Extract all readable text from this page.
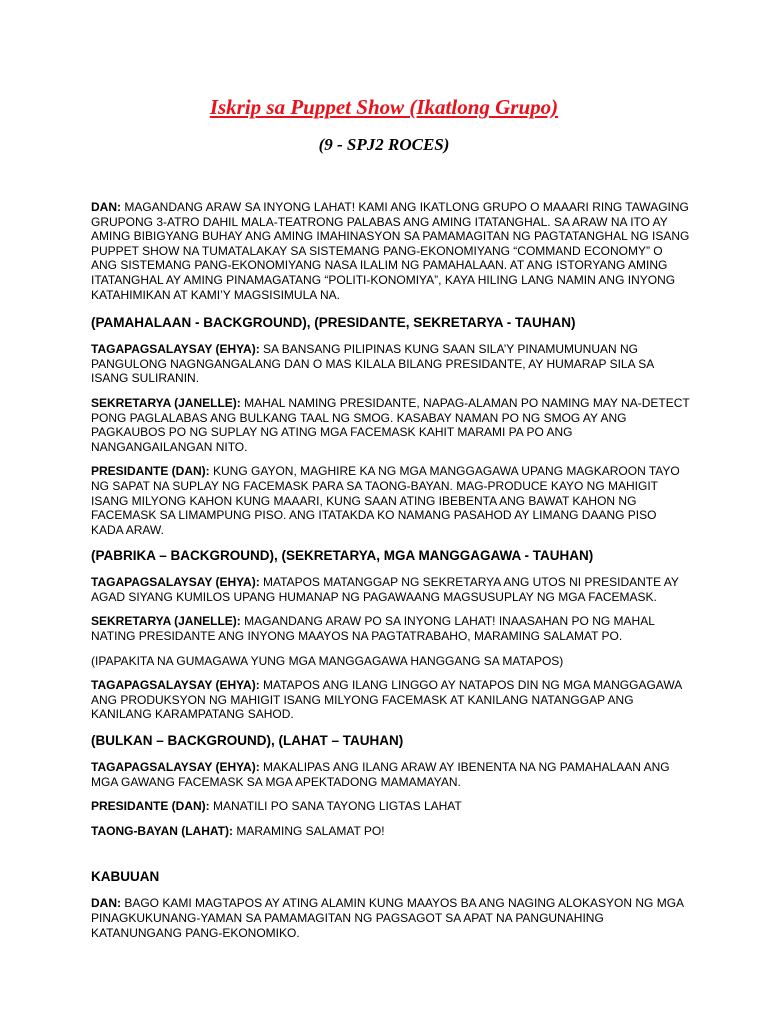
Iskrip sa Puppet Show (Ikatlong Grupo)
(9 - SPJ2 ROCES)

DAN: MAGANDANG ARAW SA INYONG LAHAT! KAMI ANG IKATLONG GRUPO O MAAARI RING TAWAGING GRUPONG 3-ATRO DAHIL MALA-TEATRONG PALABAS ANG AMING ITATANGHAL. SA ARAW NA ITO AY AMING BIBIGYANG BUHAY ANG AMING IMAHINASYON SA PAMAMAGITAN NG PAGTATANGHAL NG ISANG PUPPET SHOW NA TUMATALAKAY SA SISTEMANG PANG-EKONOMIYANG “COMMAND ECONOMY” O ANG SISTEMANG PANG-EKONOMIYANG NASA ILALIM NG PAMAHALAAN. AT ANG ISTORYANG AMING ITATANGHAL AY AMING PINAMAGATANG “POLITI-KONOMIYA”, KAYA HILING LANG NAMIN ANG INYONG KATAHIMIKAN AT KAMI’Y MAGSISIMULA NA.

(PAMAHALAAN - BACKGROUND), (PRESIDANTE, SEKRETARYA - TAUHAN)

TAGAPAGSALAYSAY (EHYA): SA BANSANG PILIPINAS KUNG SAAN SILA’Y PINAMUMUNUAN NG PANGULONG NAGNGANGALANG DAN O MAS KILALA BILANG PRESIDANTE, AY HUMARAP SILA SA ISANG SULIRANIN.

SEKRETARYA (JANELLE): MAHAL NAMING PRESIDANTE, NAPAG-ALAMAN PO NAMING MAY NA-DETECT PONG PAGLALABAS ANG BULKANG TAAL NG SMOG. KASABAY NAMAN PO NG SMOG AY ANG PAGKAUBOS PO NG SUPLAY NG ATING MGA FACEMASK KAHIT MARAMI PA PO ANG NANGANGAILANGAN NITO.

PRESIDANTE (DAN): KUNG GAYON, MAGHIRE KA NG MGA MANGGAGAWA UPANG MAGKAROON TAYO NG SAPAT NA SUPLAY NG FACEMASK PARA SA TAONG-BAYAN. MAG-PRODUCE KAYO NG MAHIGIT ISANG MILYONG KAHON KUNG MAAARI, KUNG SAAN ATING IBEBENTA ANG BAWAT KAHON NG FACEMASK SA LIMAMPUNG PISO. ANG ITATAKDA KO NAMANG PASAHOD AY LIMANG DAANG PISO KADA ARAW.

(PABRIKA – BACKGROUND), (SEKRETARYA, MGA MANGGAGAWA - TAUHAN)

TAGAPAGSALAYSAY (EHYA): MATAPOS MATANGGAP NG SEKRETARYA ANG UTOS NI PRESIDANTE AY AGAD SIYANG KUMILOS UPANG HUMANAP NG PAGAWAANG MAGSUSUPLAY NG MGA FACEMASK.

SEKRETARYA (JANELLE): MAGANDANG ARAW PO SA INYONG LAHAT! INAASAHAN PO NG MAHAL NATING PRESIDANTE ANG INYONG MAAYOS NA PAGTATRABAHO, MARAMING SALAMAT PO.

(IPAPAKITA NA GUMAGAWA YUNG MGA MANGGAGAWA HANGGANG SA MATAPOS)

TAGAPAGSALAYSAY (EHYA): MATAPOS ANG ILANG LINGGO AY NATAPOS DIN NG MGA MANGGAGAWA ANG PRODUKSYON NG MAHIGIT ISANG MILYONG FACEMASK AT KANILANG NATANGGAP ANG KANILANG KARAMPATANG SAHOD.

(BULKAN – BACKGROUND), (LAHAT – TAUHAN)

TAGAPAGSALAYSAY (EHYA): MAKALIPAS ANG ILANG ARAW AY IBENENTA NA NG PAMAHALAAN ANG MGA GAWANG FACEMASK SA MGA APEKTADONG MAMAMAYAN.

PRESIDANTE (DAN): MANATILI PO SANA TAYONG LIGTAS LAHAT

TAONG-BAYAN (LAHAT): MARAMING SALAMAT PO!

KABUUAN

DAN: BAGO KAMI MAGTAPOS AY ATING ALAMIN KUNG MAAYOS BA ANG NAGING ALOKASYON NG MGA PINAGKUKUNANG-YAMAN SA PAMAMAGITAN NG PAGSAGOT SA APAT NA PANGUNAHING KATANUNGANG PANG-EKONOMIKO.
